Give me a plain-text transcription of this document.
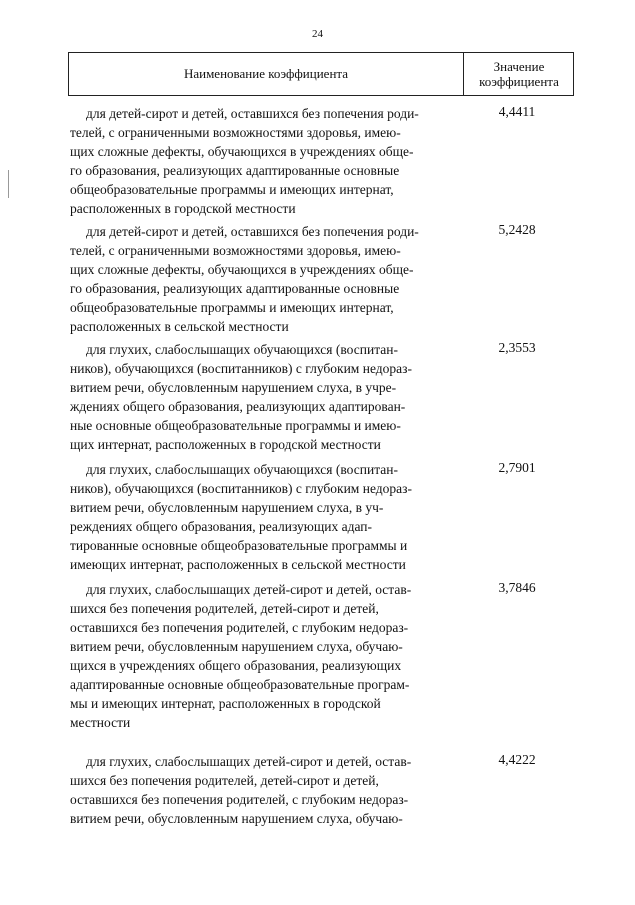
24
Наименование коэффициента	Значение
коэффициента
для детей-сирот и детей, оставшихся без попечения роди-
телей, с ограниченными возможностями здоровья, имею-
щих сложные дефекты, обучающихся в учреждениях обще-
го образования, реализующих адаптированные основные
общеобразовательные программы и имеющих интернат,
расположенных в городской местности
4,4411
для детей-сирот и детей, оставшихся без попечения роди-
телей, с ограниченными возможностями здоровья, имею-
щих сложные дефекты, обучающихся в учреждениях обще-
го образования, реализующих адаптированные основные
общеобразовательные программы и имеющих интернат,
расположенных в сельской местности
5,2428
для глухих, слабослышащих обучающихся (воспитан-
ников), обучающихся (воспитанников) с глубоким недораз-
витием речи, обусловленным нарушением слуха, в учре-
ждениях общего образования, реализующих адаптирован-
ные основные общеобразовательные программы и имею-
щих интернат, расположенных в городской местности
2,3553
для глухих, слабослышащих обучающихся (воспитан-
ников), обучающихся (воспитанников) с глубоким недораз-
витием речи, обусловленным нарушением слуха, в уч-
реждениях общего образования, реализующих адап-
тированные основные общеобразовательные программы и
имеющих интернат, расположенных в сельской местности
2,7901
для глухих, слабослышащих детей-сирот и детей, остав-
шихся без попечения родителей, детей-сирот и детей,
оставшихся без попечения родителей, с глубоким недораз-
витием речи, обусловленным нарушением слуха, обучаю-
щихся в учреждениях общего образования, реализующих
адаптированные основные общеобразовательные програм-
мы и имеющих интернат, расположенных в городской
местности
3,7846
для глухих, слабослышащих детей-сирот и детей, остав-
шихся без попечения родителей, детей-сирот и детей,
оставшихся без попечения родителей, с глубоким недораз-
витием речи, обусловленным нарушением слуха, обучаю-
4,4222
